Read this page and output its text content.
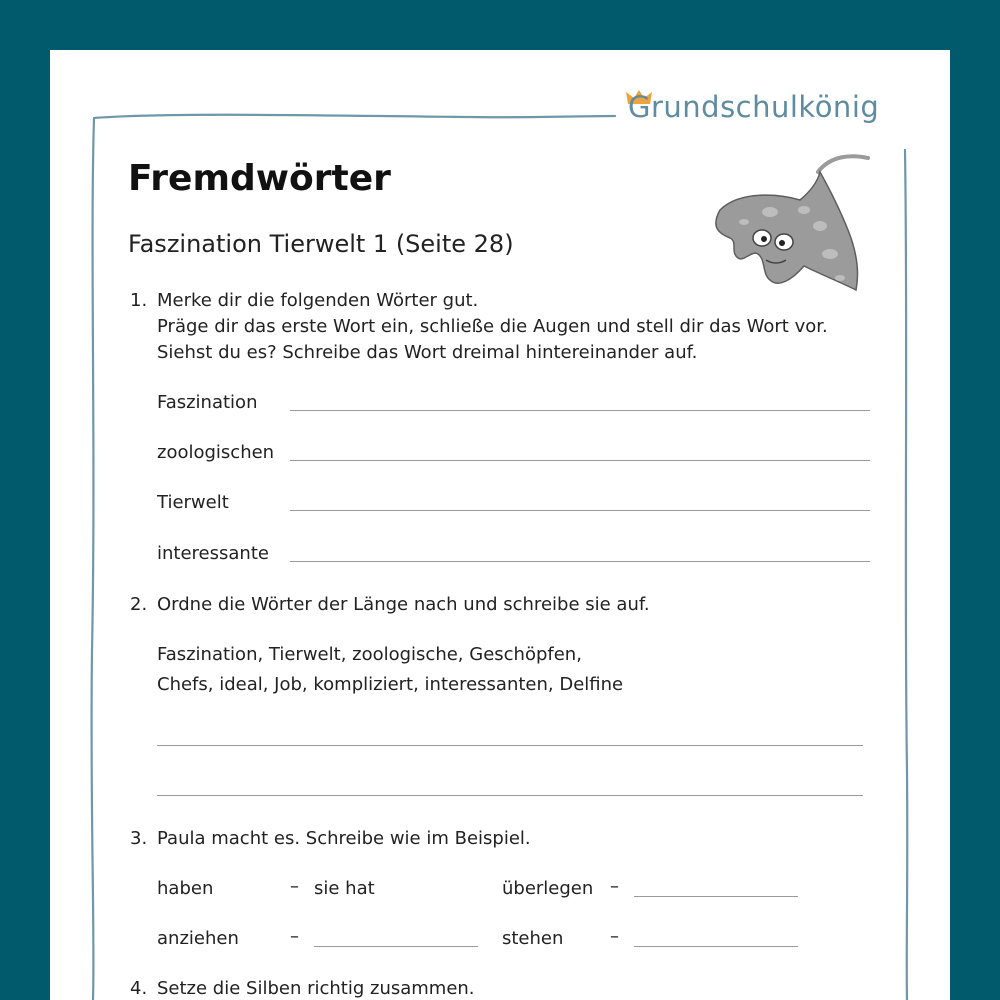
Grundschulkönig
Fremdwörter
Faszination Tierwelt 1 (Seite 28)
1. Merke dir die folgenden Wörter gut.
Präge dir das erste Wort ein, schließe die Augen und stell dir das Wort vor.
Siehst du es? Schreibe das Wort dreimal hintereinander auf.
Faszination
zoologischen
Tierwelt
interessante
2. Ordne die Wörter der Länge nach und schreibe sie auf.
Faszination, Tierwelt, zoologische, Geschöpfen,
Chefs, ideal, Job, kompliziert, interessanten, Delfine
3. Paula macht es. Schreibe wie im Beispiel.
haben	– sie hat	überlegen –
anziehen	–	stehen	–
4. Setze die Silben richtig zusammen.
